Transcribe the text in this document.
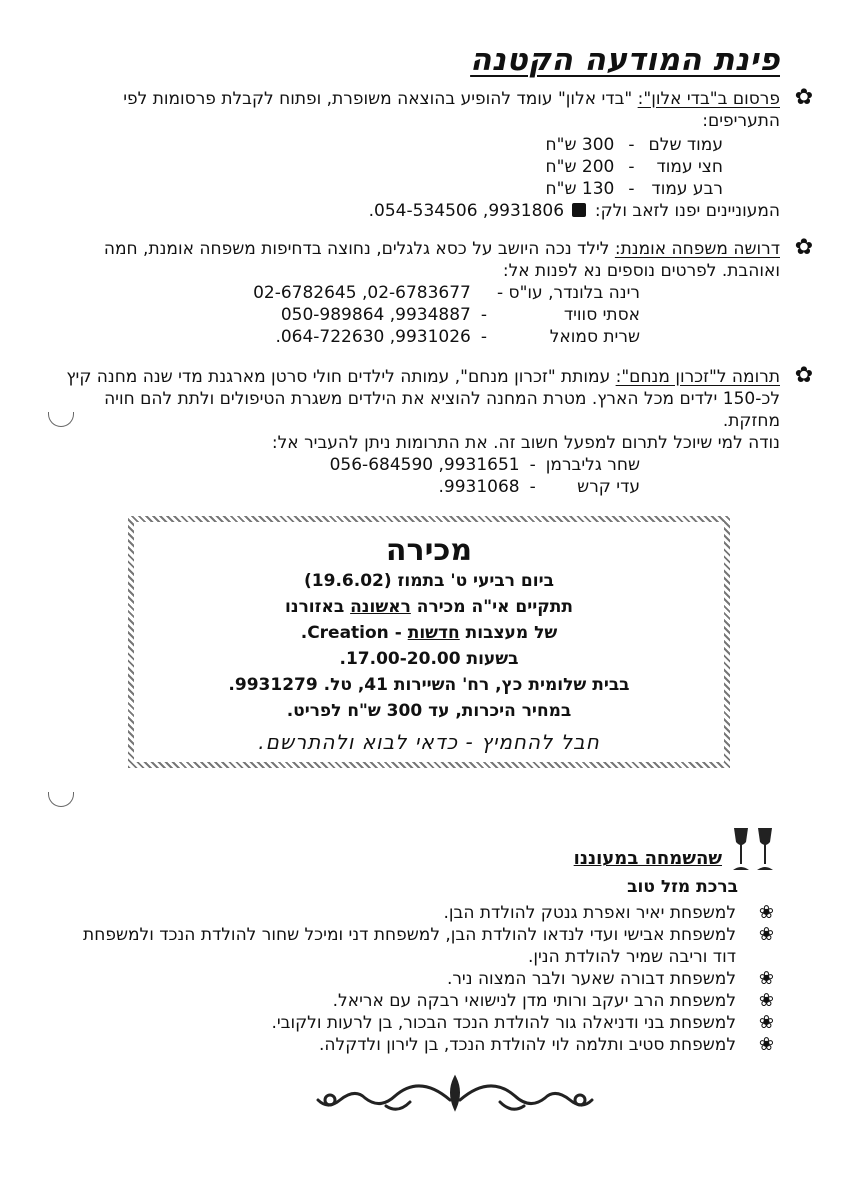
פינת המודעה הקטנה
✿

פרסום ב"בדי אלון": "בדי אלון" עומד להופיע בהוצאה משופרת, ופתוח לקבלת פרסומות לפי התעריפים:

עמוד שלם	-	300 ש"ח
חצי עמוד	-	200 ש"ח
רבע עמוד	-	130 ש"ח

המעוניינים יפנו לזאב ולק:  9931806, 054-534506.

✿

דרושה משפחה אומנת: לילד נכה היושב על כסא גלגלים, נחוצה בדחיפות משפחה אומנת, חמה ואוהבת. לפרטים נוספים נא לפנות אל:

רינה בלונדר, עו"ס -		02-6783677, 02-6782645
אסתי סוויד	-	9934887, 050-989864
שרית סמואל	-	9931026, 064-722630.
✿

תרומה ל"זכרון מנחם": עמותת "זכרון מנחם", עמותה לילדים חולי סרטן מארגנת מדי שנה מחנה קיץ לכ-150 ילדים מכל הארץ. מטרת המחנה להוציא את הילדים משגרת הטיפולים ולתת להם חויה מחזקת.

נודה למי שיוכל לתרום למפעל חשוב זה. את התרומות ניתן להעביר אל:

שחר גליברמן	-	9931651, 056-684590
עדי קרש	-	9931068.
מכירה
ביום רביעי ט' בתמוז (19.6.02)
תתקיים אי"ה מכירה ראשונה באזורנו
של מעצבות חדשות - Creation.
בשעות 17.00-20.00.
בבית שלומית כץ, רח' השיירות 41, טל. 9931279.
במחיר היכרות, עד 300 ש"ח לפריט.
חבל להחמיץ - כדאי לבוא ולהתרשם.
שהשמחה במעוננו
ברכת מזל טוב
❀
למשפחת יאיר ואפרת גנטק להולדת הבן.
❀
למשפחת אבישי ועדי לנדאו להולדת הבן, למשפחת דני ומיכל שחור להולדת הנכד ולמשפחת דוד וריבה שמיר להולדת הנין.
❀
למשפחת דבורה שאער ולבר המצוה ניר.
❀
למשפחת הרב יעקב ורותי מדן לנישואי רבקה עם אריאל.
❀
למשפחת בני ודניאלה גור להולדת הנכד הבכור, בן לרעות ולקובי.
❀
למשפחת סטיב ותלמה לוי להולדת הנכד, בן לירון ולדקלה.
